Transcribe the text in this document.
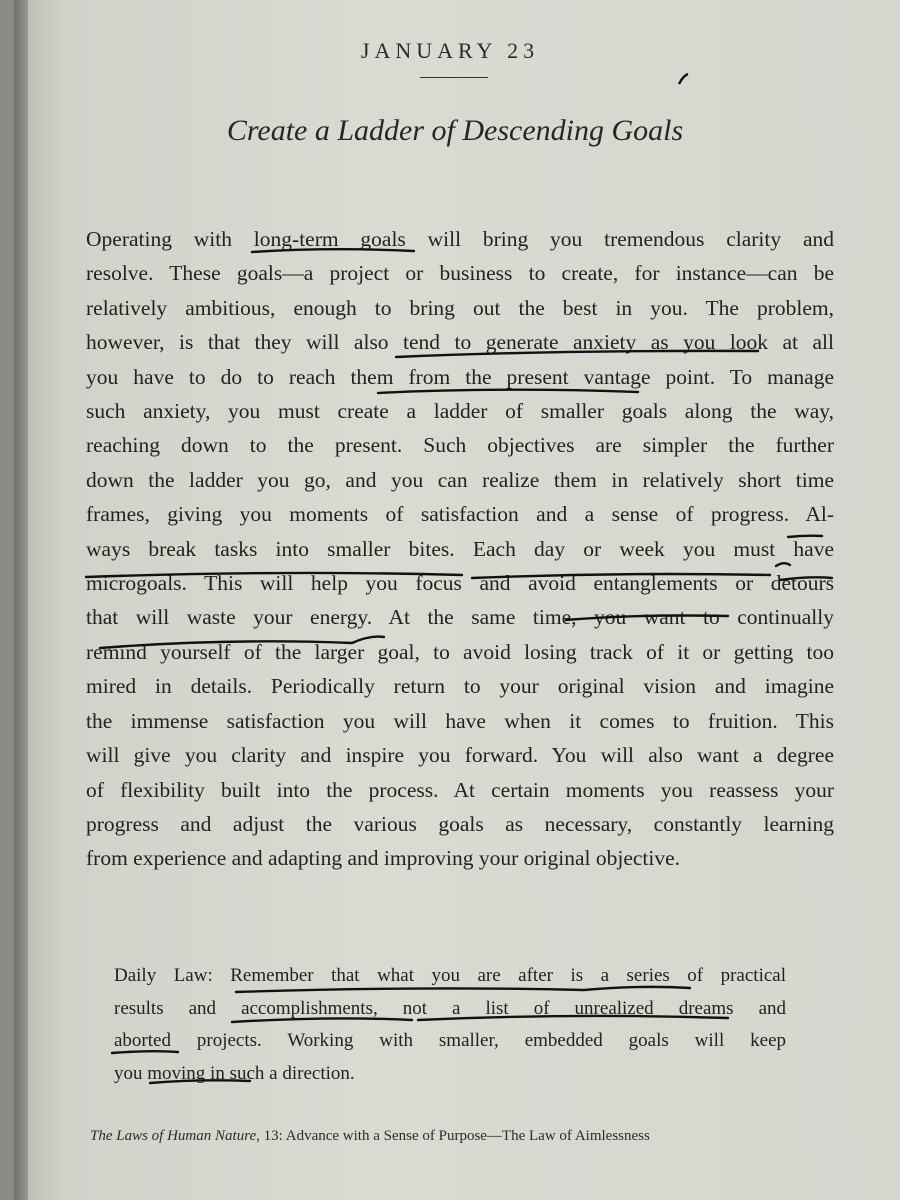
JANUARY 23
Create a Ladder of Descending Goals
Operating with long-term goals will bring you tremendous clarity and
resolve. These goals—a project or business to create, for instance—can be
relatively ambitious, enough to bring out the best in you. The problem,
however, is that they will also tend to generate anxiety as you look at all
you have to do to reach them from the present vantage point. To manage
such anxiety, you must create a ladder of smaller goals along the way,
reaching down to the present. Such objectives are simpler the further
down the ladder you go, and you can realize them in relatively short time
frames, giving you moments of satisfaction and a sense of progress. Al-
ways break tasks into smaller bites. Each day or week you must have
microgoals. This will help you focus and avoid entanglements or detours
that will waste your energy. At the same time, you want to continually
remind yourself of the larger goal, to avoid losing track of it or getting too
mired in details. Periodically return to your original vision and imagine
the immense satisfaction you will have when it comes to fruition. This
will give you clarity and inspire you forward. You will also want a degree
of flexibility built into the process. At certain moments you reassess your
progress and adjust the various goals as necessary, constantly learning
from experience and adapting and improving your original objective.
Daily Law: Remember that what you are after is a series of practical
results and accomplishments, not a list of unrealized dreams and
aborted projects. Working with smaller, embedded goals will keep
you moving in such a direction.
The Laws of Human Nature, 13: Advance with a Sense of Purpose—The Law of Aimlessness
